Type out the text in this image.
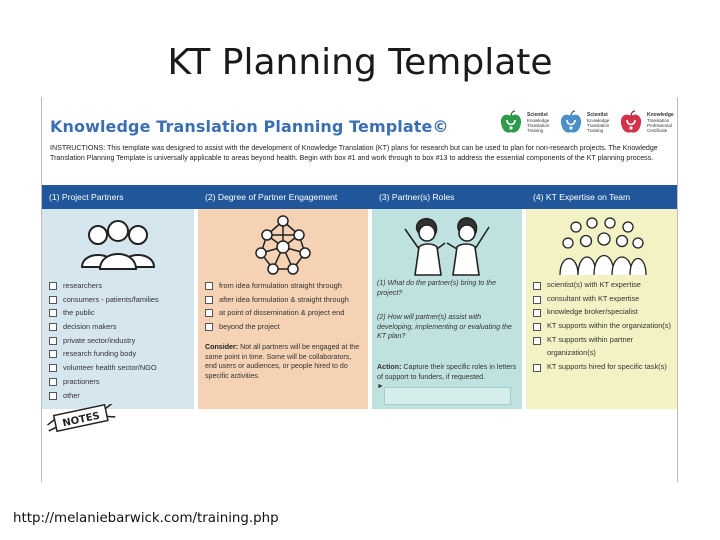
KT Planning Template
Knowledge Translation Planning Template©
Scientist
Knowledge Translation Training
Scientist
Knowledge Translation Training
Knowledge
Translation Professional Certificate
INSTRUCTIONS: This template was designed to assist with the development of Knowledge Translation (KT) plans for research but can be used to plan for non-research projects. The Knowledge Translation Planning Template is universally applicable to areas beyond health. Begin with box #1 and work through to box #13 to address the essential components of the KT planning process.
(1) Project Partners
researchers
consumers - patients/families
the public
decision makers
private sector/industry
research funding body
volunteer health sector/NGO
practioners
other
NOTES
(2) Degree of Partner Engagement
from idea formulation straight through
after idea formulation & straight through
at point of dissemination & project end
beyond the project
Consider: Not all partners will be engaged at the same point in time. Some will be collaborators, end users or audiences, or people hired to do specific activities.
(3) Partner(s) Roles
(1) What do the partner(s) bring to the project?
(2) How will partner(s) assist with developing, implementing or evaluating the KT plan?
Action: Capture their specific roles in letters of support to funders, if requested.
►
(4) KT Expertise on Team
scientist(s) with KT expertise
consultant with KT expertise
knowledge broker/specialist
KT supports within the organization(s)
KT supports within partner organization(s)
KT supports hired for specific task(s)
http://melaniebarwick.com/training.php
